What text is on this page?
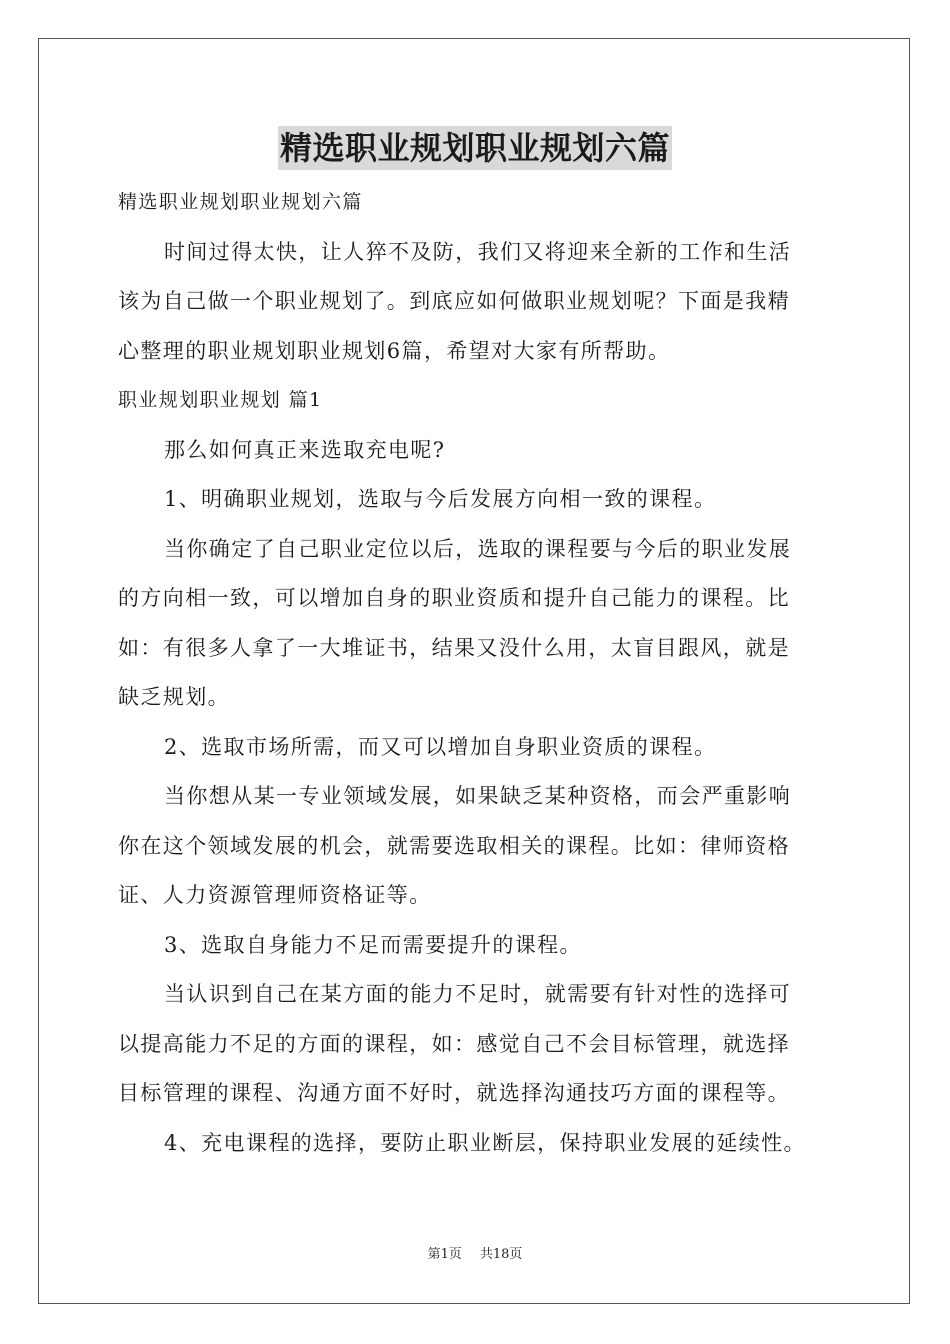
精选职业规划职业规划六篇
精选职业规划职业规划六篇
时间过得太快，让人猝不及防，我们又将迎来全新的工作和生活
该为自己做一个职业规划了。到底应如何做职业规划呢？下面是我精
心整理的职业规划职业规划6篇，希望对大家有所帮助。
职业规划职业规划 篇1
那么如何真正来选取充电呢?
1、明确职业规划，选取与今后发展方向相一致的课程。
当你确定了自己职业定位以后，选取的课程要与今后的职业发展
的方向相一致，可以增加自身的职业资质和提升自己能力的课程。比
如：有很多人拿了一大堆证书，结果又没什么用，太盲目跟风，就是
缺乏规划。
2、选取市场所需，而又可以增加自身职业资质的课程。
当你想从某一专业领域发展，如果缺乏某种资格，而会严重影响
你在这个领域发展的机会，就需要选取相关的课程。比如：律师资格
证、人力资源管理师资格证等。
3、选取自身能力不足而需要提升的课程。
当认识到自己在某方面的能力不足时，就需要有针对性的选择可
以提高能力不足的方面的课程，如：感觉自己不会目标管理，就选择
目标管理的课程、沟通方面不好时，就选择沟通技巧方面的课程等。
4、充电课程的选择，要防止职业断层，保持职业发展的延续性。
第1页 共18页
